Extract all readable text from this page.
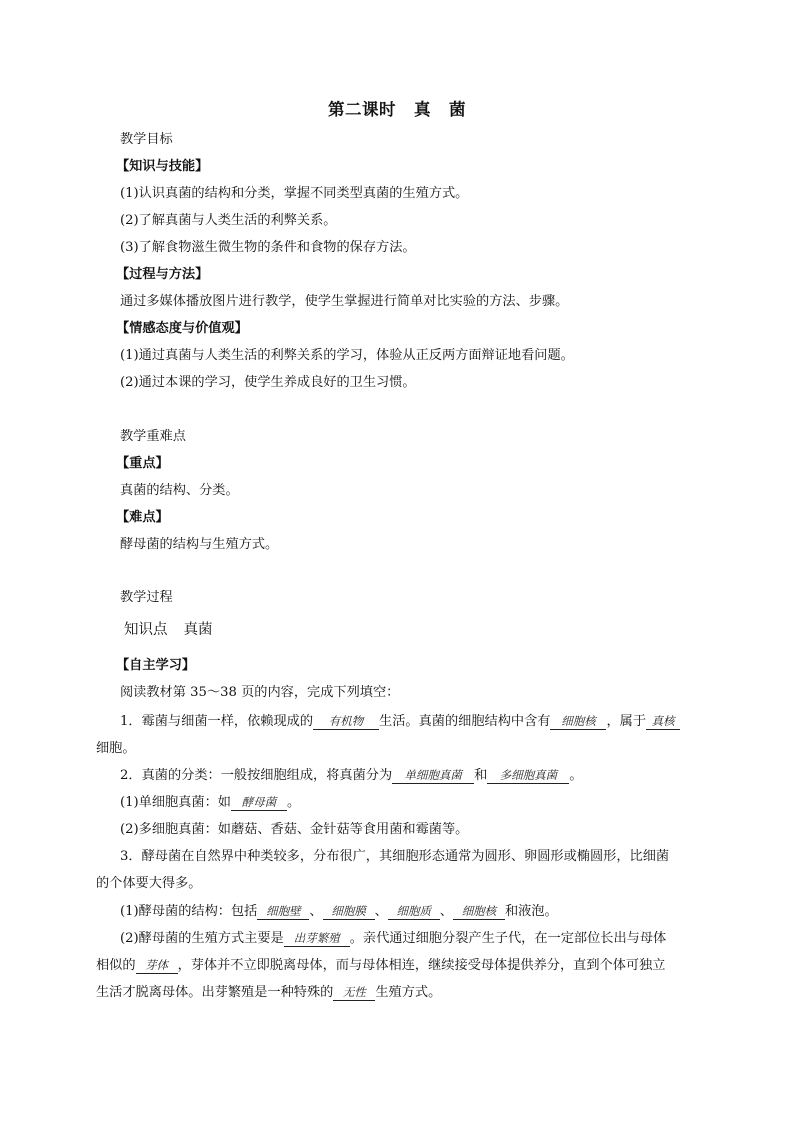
第二课时 真 菌
教学目标
【知识与技能】
(1)认识真菌的结构和分类，掌握不同类型真菌的生殖方式。
(2)了解真菌与人类生活的利弊关系。
(3)了解食物滋生微生物的条件和食物的保存方法。
【过程与方法】
通过多媒体播放图片进行教学，使学生掌握进行简单对比实验的方法、步骤。
【情感态度与价值观】
(1)通过真菌与人类生活的利弊关系的学习，体验从正反两方面辩证地看问题。
(2)通过本课的学习，使学生养成良好的卫生习惯。
教学重难点
【重点】
真菌的结构、分类。
【难点】
酵母菌的结构与生殖方式。
教学过程
知识点 真菌
【自主学习】
阅读教材第 35～38 页的内容，完成下列填空：
1．霉菌与细菌一样，依赖现成的 有机物 生活。真菌的细胞结构中含有 细胞核 ，属于 真核
细胞。
2．真菌的分类：一般按细胞组成，将真菌分为 单细胞真菌 和 多细胞真菌 。
(1)单细胞真菌：如 酵母菌 。
(2)多细胞真菌：如蘑菇、香菇、金针菇等食用菌和霉菌等。
3．酵母菌在自然界中种类较多，分布很广，其细胞形态通常为圆形、卵圆形或椭圆形，比细菌
的个体要大得多。
(1)酵母菌的结构：包括 细胞壁 、 细胞膜 、 细胞质 、 细胞核 和液泡。
(2)酵母菌的生殖方式主要是 出芽繁殖 。亲代通过细胞分裂产生子代，在一定部位长出与母体
相似的 芽体 ，芽体并不立即脱离母体，而与母体相连，继续接受母体提供养分，直到个体可独立
生活才脱离母体。出芽繁殖是一种特殊的 无性 生殖方式。
